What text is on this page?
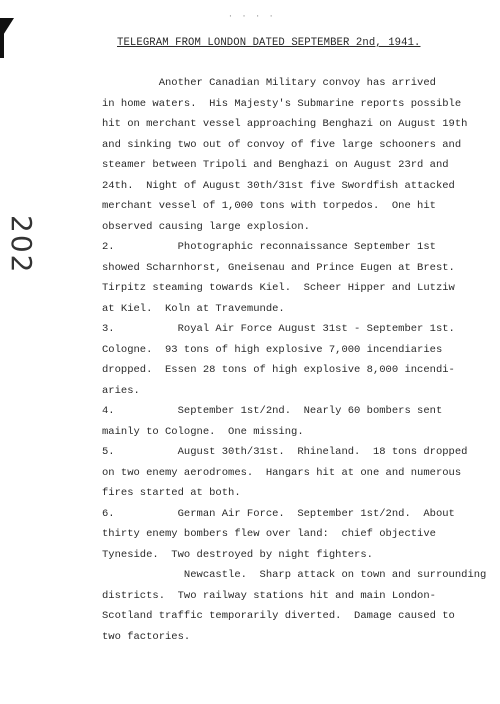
· · · ·
202
TELEGRAM FROM LONDON DATED SEPTEMBER 2nd, 1941.
Another Canadian Military convoy has arrived
in home waters.  His Majesty's Submarine reports possible
hit on merchant vessel approaching Benghazi on August 19th
and sinking two out of convoy of five large schooners and
steamer between Tripoli and Benghazi on August 23rd and
24th.  Night of August 30th/31st five Swordfish attacked
merchant vessel of 1,000 tons with torpedos.  One hit
observed causing large explosion.
2.          Photographic reconnaissance September 1st
showed Scharnhorst, Gneisenau and Prince Eugen at Brest.
Tirpitz steaming towards Kiel.  Scheer Hipper and Lutziw
at Kiel.  Koln at Travemunde.
3.          Royal Air Force August 31st - September 1st.
Cologne.  93 tons of high explosive 7,000 incendiaries
dropped.  Essen 28 tons of high explosive 8,000 incendi-
aries.
4.          September 1st/2nd.  Nearly 60 bombers sent
mainly to Cologne.  One missing.
5.          August 30th/31st.  Rhineland.  18 tons dropped
on two enemy aerodromes.  Hangars hit at one and numerous
fires started at both.
6.          German Air Force.  September 1st/2nd.  About
thirty enemy bombers flew over land:  chief objective
Tyneside.  Two destroyed by night fighters.
Newcastle.  Sharp attack on town and surrounding
districts.  Two railway stations hit and main London-
Scotland traffic temporarily diverted.  Damage caused to
two factories.
